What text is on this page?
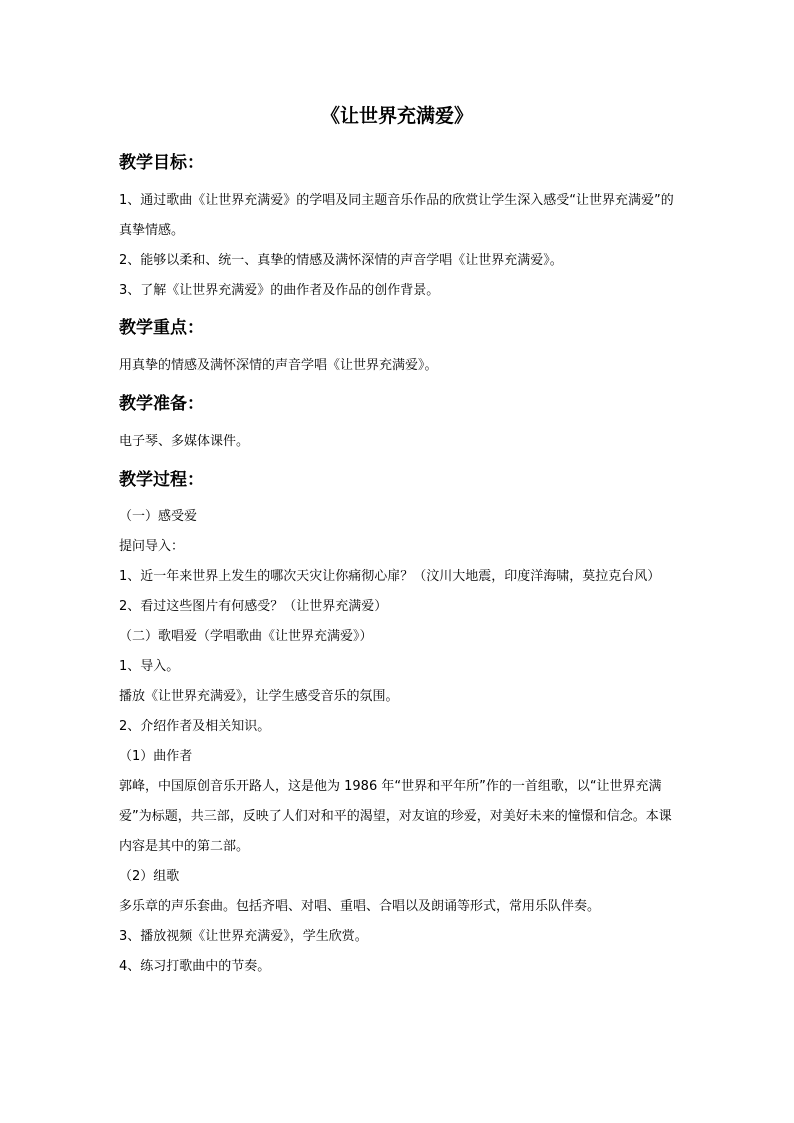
《让世界充满爱》
教学目标：

1、通过歌曲《让世界充满爱》的学唱及同主题音乐作品的欣赏让学生深入感受“让世界充满爱”的真挚情感。

2、能够以柔和、统一、真挚的情感及满怀深情的声音学唱《让世界充满爱》。

3、了解《让世界充满爱》的曲作者及作品的创作背景。

教学重点：

用真挚的情感及满怀深情的声音学唱《让世界充满爱》。

教学准备：

电子琴、多媒体课件。

教学过程：

（一）感受爱

提问导入：

1、近一年来世界上发生的哪次天灾让你痛彻心扉？（汶川大地震，印度洋海啸，莫拉克台风）

2、看过这些图片有何感受？（让世界充满爱）

（二）歌唱爱（学唱歌曲《让世界充满爱》）

1、导入。

播放《让世界充满爱》，让学生感受音乐的氛围。

2、介绍作者及相关知识。

（1）曲作者

郭峰，中国原创音乐开路人，这是他为 1986 年“世界和平年所”作的一首组歌，以“让世界充满爱”为标题，共三部，反映了人们对和平的渴望，对友谊的珍爱，对美好未来的憧憬和信念。本课内容是其中的第二部。

（2）组歌

多乐章的声乐套曲。包括齐唱、对唱、重唱、合唱以及朗诵等形式，常用乐队伴奏。

3、播放视频《让世界充满爱》，学生欣赏。

4、练习打歌曲中的节奏。
